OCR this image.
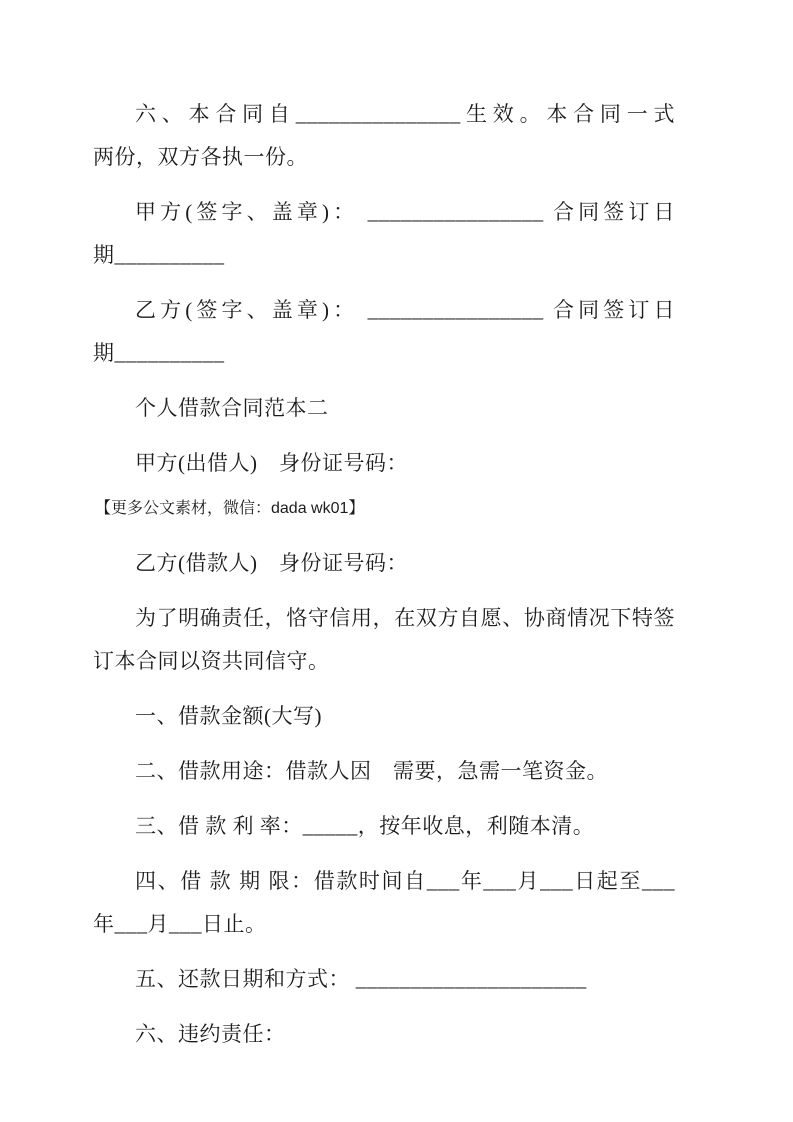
六、本合同自_______________生效。本合同一式
两份，双方各执一份。
甲方(签字、盖章)： ________________ 合同签订日
期__________
乙方(签字、盖章)： ________________ 合同签订日
期__________
个人借款合同范本二
甲方(出借人)　身份证号码：【更多公文素材，微信：dada wk01】
乙方(借款人)　身份证号码：
为了明确责任，恪守信用，在双方自愿、协商情况下特签
订本合同以资共同信守。
一、借款金额(大写)
二、借款用途：借款人因　需要，急需一笔资金。
三、借 款 利 率：_____，按年收息，利随本清。
四、借 款 期 限：借款时间自___年___月___日起至___
年___月___日止。
五、还款日期和方式： _____________________
六、违约责任：
